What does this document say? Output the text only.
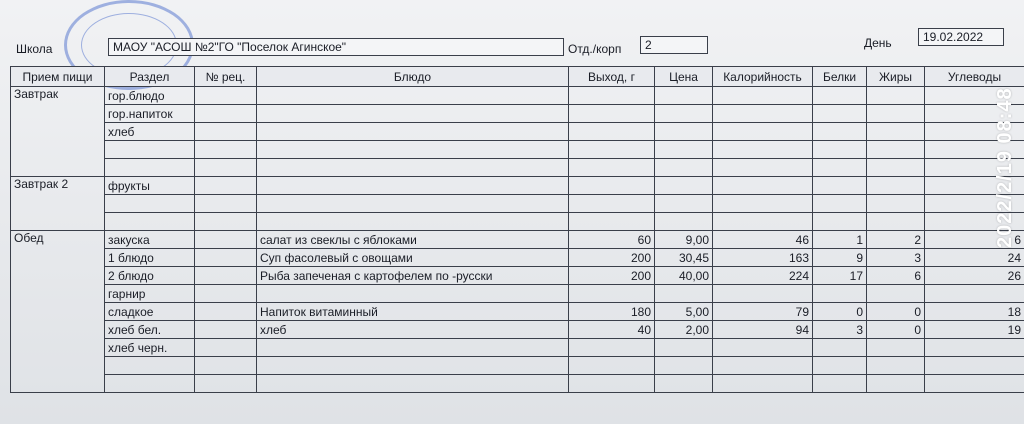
Школа	МАОУ "АСОШ №2"ГО "Поселок Агинское"	Отд./корп	2	День	19.02.2022
Прием пищи	Раздел	№ рец.	Блюдо	Выход, г	Цена	Калорийность	Белки	Жиры	Углеводы
Завтрак	гор.блюдо								
	гор.напиток								
	хлеб								

Завтрак 2	фрукты								

Обед	закуска		салат из свеклы с яблоками	60	9,00	46	1	2	6
	1 блюдо		Суп фасолевый с овощами	200	30,45	163	9	3	24
	2 блюдо		Рыба запеченая с картофелем по -русски	200	40,00	224	17	6	26
	гарнир								
	сладкое		Напиток витаминный	180	5,00	79	0	0	18
	хлеб бел.		хлеб	40	2,00	94	3	0	19
	хлеб черн.								

2022/2/19 08:48
